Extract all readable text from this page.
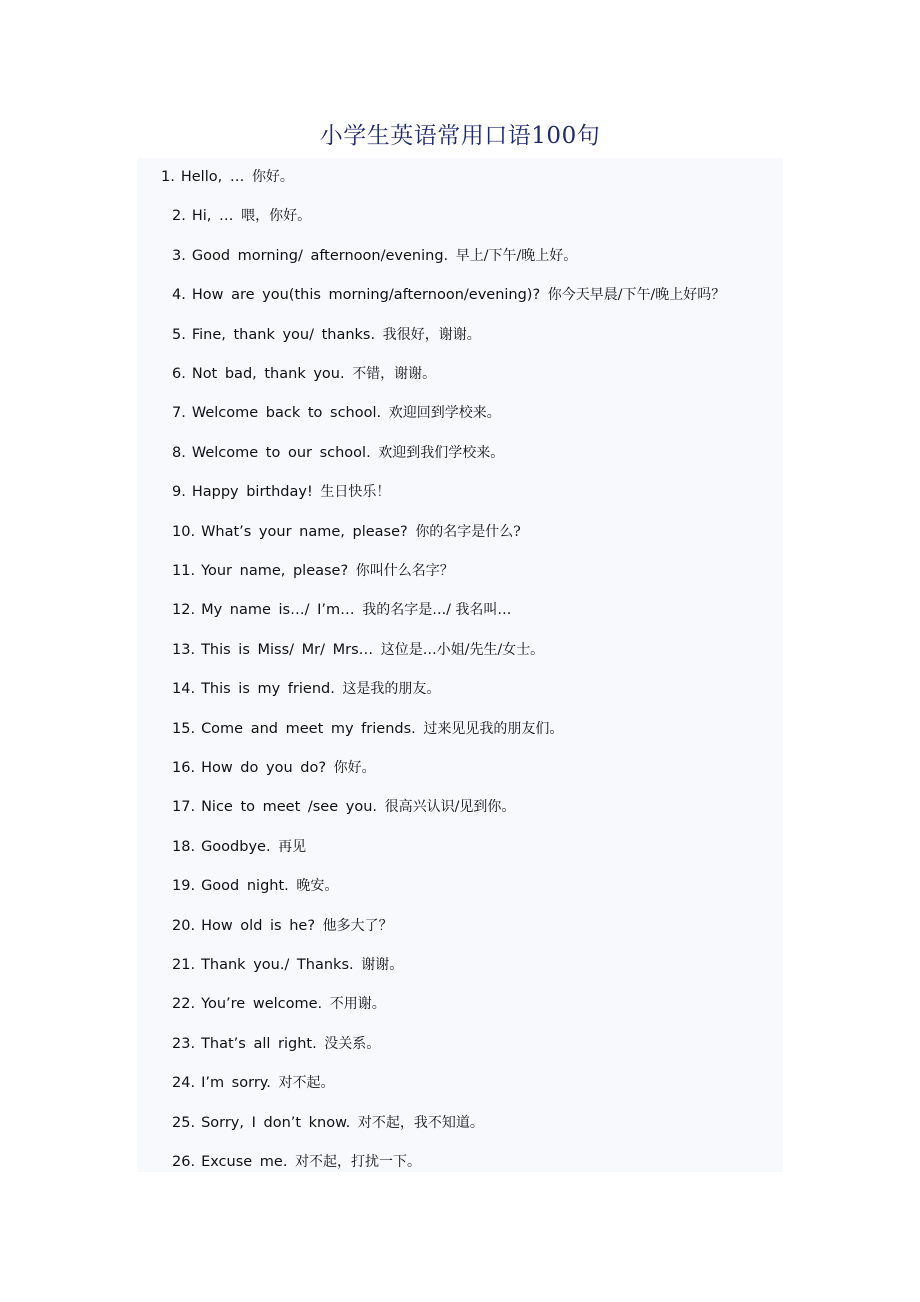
小学生英语常用口语100句
1. Hello, … 你好。
2. Hi, … 喂，你好。
3. Good morning/ afternoon/evening. 早上/下午/晚上好。
4. How are you(this morning/afternoon/evening)? 你今天早晨/下午/晚上好吗？
5. Fine, thank you/ thanks. 我很好，谢谢。
6. Not bad, thank you. 不错，谢谢。
7. Welcome back to school. 欢迎回到学校来。
8. Welcome to our school. 欢迎到我们学校来。
9. Happy birthday! 生日快乐！
10. What’s your name, please? 你的名字是什么?
11. Your name, please? 你叫什么名字？
12. My name is…/ I’m… 我的名字是…/ 我名叫…
13. This is Miss/ Mr/ Mrs… 这位是…小姐/先生/女士。
14. This is my friend. 这是我的朋友。
15. Come and meet my friends. 过来见见我的朋友们。
16. How do you do? 你好。
17. Nice to meet /see you. 很高兴认识/见到你。
18. Goodbye. 再见
19. Good night. 晚安。
20. How old is he? 他多大了？
21. Thank you./ Thanks. 谢谢。
22. You’re welcome. 不用谢。
23. That’s all right. 没关系。
24. I’m sorry. 对不起。
25. Sorry, I don’t know. 对不起，我不知道。
26. Excuse me. 对不起，打扰一下。
